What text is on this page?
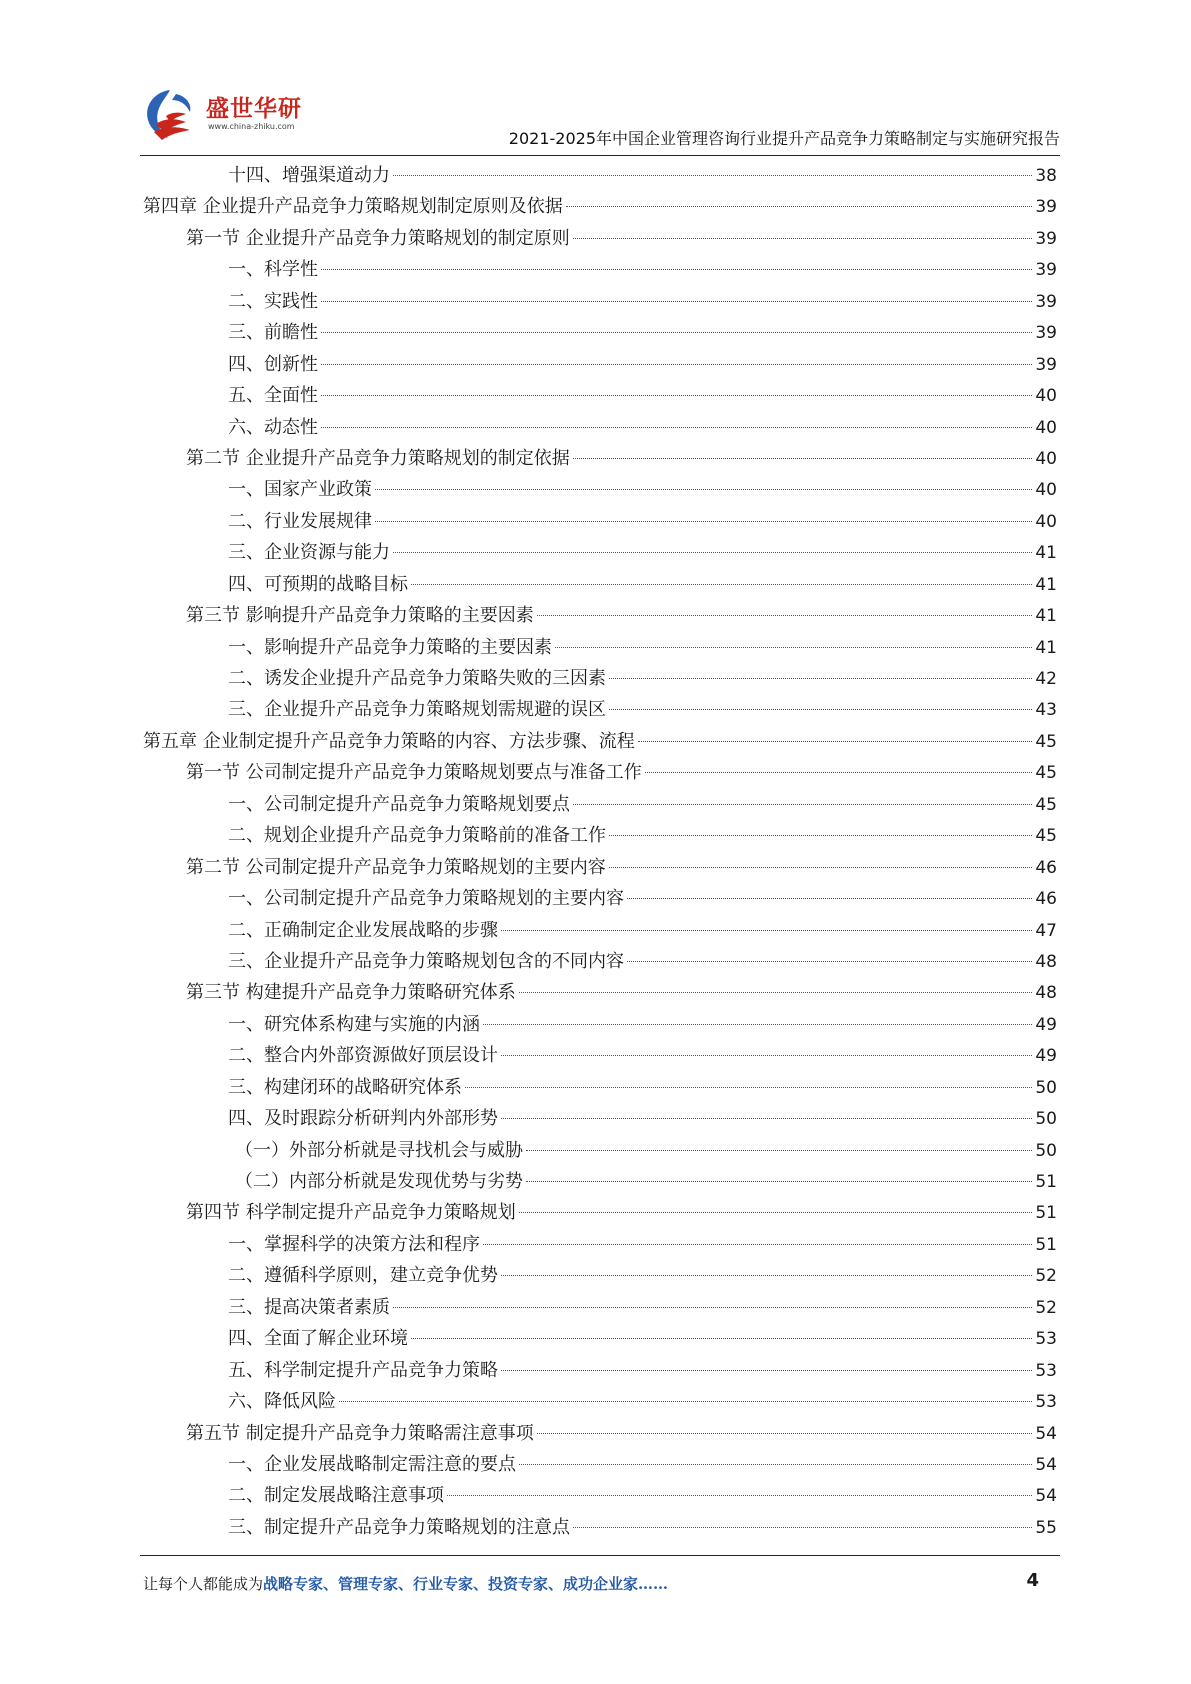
盛世华研
www.china-zhiku.com
2021-2025年中国企业管理咨询行业提升产品竞争力策略制定与实施研究报告
十四、增强渠道动力	38
第四章 企业提升产品竞争力策略规划制定原则及依据	39
第一节 企业提升产品竞争力策略规划的制定原则	39
一、科学性	39
二、实践性	39
三、前瞻性	39
四、创新性	39
五、全面性	40
六、动态性	40
第二节 企业提升产品竞争力策略规划的制定依据	40
一、国家产业政策	40
二、行业发展规律	40
三、企业资源与能力	41
四、可预期的战略目标	41
第三节 影响提升产品竞争力策略的主要因素	41
一、影响提升产品竞争力策略的主要因素	41
二、诱发企业提升产品竞争力策略失败的三因素	42
三、企业提升产品竞争力策略规划需规避的误区	43
第五章 企业制定提升产品竞争力策略的内容、方法步骤、流程	45
第一节 公司制定提升产品竞争力策略规划要点与准备工作	45
一、公司制定提升产品竞争力策略规划要点	45
二、规划企业提升产品竞争力策略前的准备工作	45
第二节 公司制定提升产品竞争力策略规划的主要内容	46
一、公司制定提升产品竞争力策略规划的主要内容	46
二、正确制定企业发展战略的步骤	47
三、企业提升产品竞争力策略规划包含的不同内容	48
第三节 构建提升产品竞争力策略研究体系	48
一、研究体系构建与实施的内涵	49
二、整合内外部资源做好顶层设计	49
三、构建闭环的战略研究体系	50
四、及时跟踪分析研判内外部形势	50
（一）外部分析就是寻找机会与威胁	50
（二）内部分析就是发现优势与劣势	51
第四节 科学制定提升产品竞争力策略规划	51
一、掌握科学的决策方法和程序	51
二、遵循科学原则，建立竞争优势	52
三、提高决策者素质	52
四、全面了解企业环境	53
五、科学制定提升产品竞争力策略	53
六、降低风险	53
第五节 制定提升产品竞争力策略需注意事项	54
一、企业发展战略制定需注意的要点	54
二、制定发展战略注意事项	54
三、制定提升产品竞争力策略规划的注意点	55
让每个人都能成为战略专家、管理专家、行业专家、投资专家、成功企业家……	4
